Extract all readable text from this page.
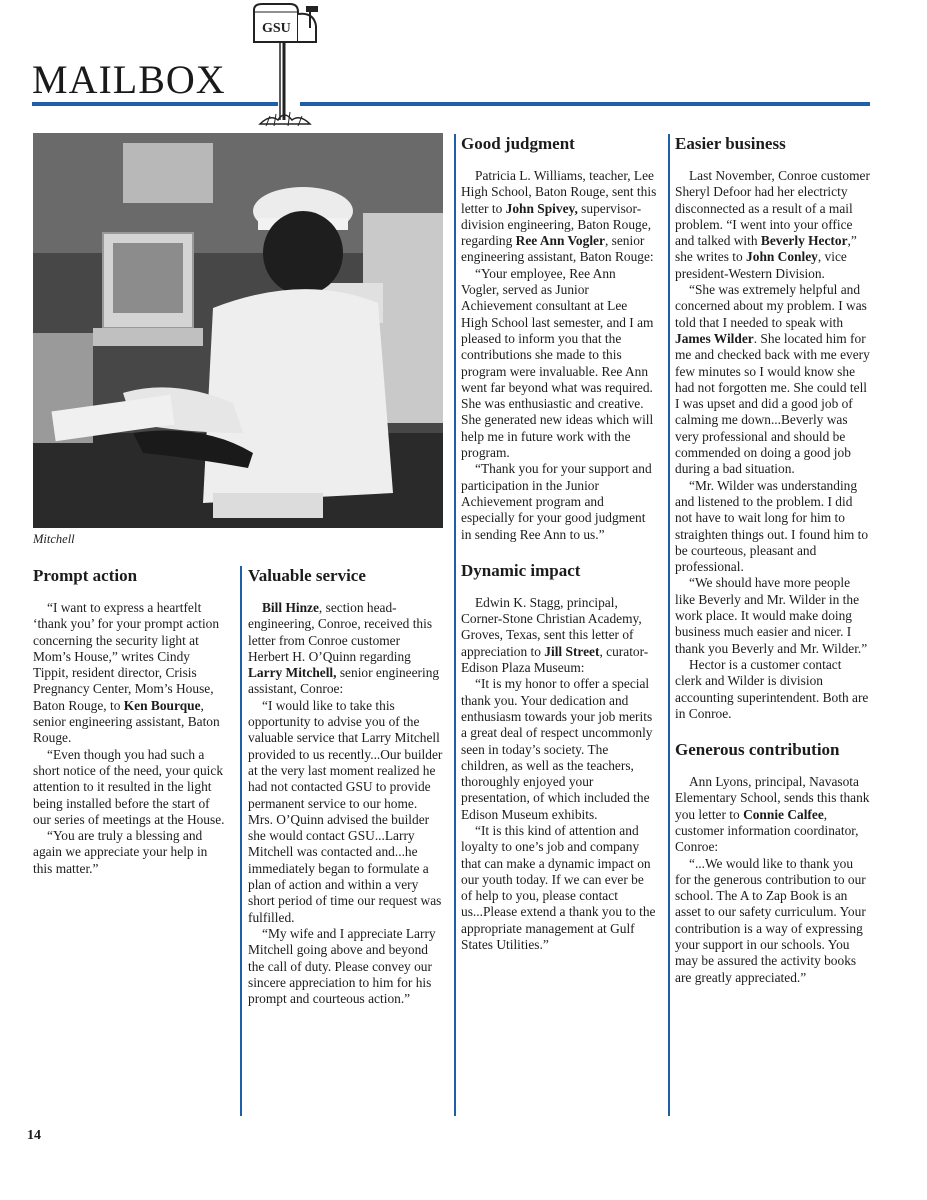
MAILBOX
GSU
Mitchell
Prompt action

“I want to express a heartfelt ‘thank you’ for your prompt action concerning the security light at Mom’s House,” writes Cindy Tippit, resident director, Crisis Pregnancy Center, Mom’s House, Baton Rouge, to Ken Bourque, senior engineering assistant, Baton Rouge.

“Even though you had such a short notice of the need, your quick attention to it resulted in the light being installed before the start of our series of meetings at the House.

“You are truly a blessing and again we appreciate your help in this matter.”

Valuable service

Bill Hinze, section head-engineering, Conroe, received this letter from Conroe customer Herbert H. O’Quinn regarding Larry Mitchell, senior engineering assistant, Conroe:

“I would like to take this opportunity to advise you of the valuable service that Larry Mitchell provided to us recently...Our builder at the very last moment realized he had not contacted GSU to provide permanent service to our home. Mrs. O’Quinn advised the builder she would contact GSU...Larry Mitchell was contacted and...he immediately began to formulate a plan of action and within a very short period of time our request was fulfilled.

“My wife and I appreciate Larry Mitchell going above and beyond the call of duty. Please convey our sincere appreciation to him for his prompt and courteous action.”

Good judgment

Patricia L. Williams, teacher, Lee High School, Baton Rouge, sent this letter to John Spivey, supervisor-division engineering, Baton Rouge, regarding Ree Ann Vogler, senior engineering assistant, Baton Rouge:

“Your employee, Ree Ann Vogler, served as Junior Achievement consultant at Lee High School last semester, and I am pleased to inform you that the contributions she made to this program were invaluable. Ree Ann went far beyond what was required. She was enthusiastic and creative. She generated new ideas which will help me in future work with the program.

“Thank you for your support and participation in the Junior Achievement program and especially for your good judgment in sending Ree Ann to us.”

Dynamic impact

Edwin K. Stagg, principal, Corner-Stone Christian Academy, Groves, Texas, sent this letter of appreciation to Jill Street, curator- Edison Plaza Museum:

“It is my honor to offer a special thank you. Your dedication and enthusiasm towards your job merits a great deal of respect uncommonly seen in today’s society. The children, as well as the teachers, thoroughly enjoyed your presentation, of which included the Edison Museum exhibits.

“It is this kind of attention and loyalty to one’s job and company that can make a dynamic impact on our youth today. If we can ever be of help to you, please contact us...Please extend a thank you to the appropriate management at Gulf States Utilities.”

Easier business

Last November, Conroe customer Sheryl Defoor had her electricty disconnected as a result of a mail problem. “I went into your office and talked with Beverly Hector,” she writes to John Conley, vice president-Western Division.

“She was extremely helpful and concerned about my problem. I was told that I needed to speak with James Wilder. She located him for me and checked back with me every few minutes so I would know she had not forgotten me. She could tell I was upset and did a good job of calming me down...Beverly was very professional and should be commended on doing a good job during a bad situation.

“Mr. Wilder was understanding and listened to the problem. I did not have to wait long for him to straighten things out. I found him to be courteous, pleasant and professional.

“We should have more people like Beverly and Mr. Wilder in the work place. It would make doing business much easier and nicer. I thank you Beverly and Mr. Wilder.”

Hector is a customer contact clerk and Wilder is division accounting superintendent. Both are in Conroe.

Generous contribution

Ann Lyons, principal, Navasota Elementary School, sends this thank you letter to Connie Calfee, customer information coordinator, Conroe:

“...We would like to thank you for the generous contribution to our school. The A to Zap Book is an asset to our safety curriculum. Your contribution is a way of expressing your support in our schools. You may be assured the activity books are greatly appreciated.”

14
